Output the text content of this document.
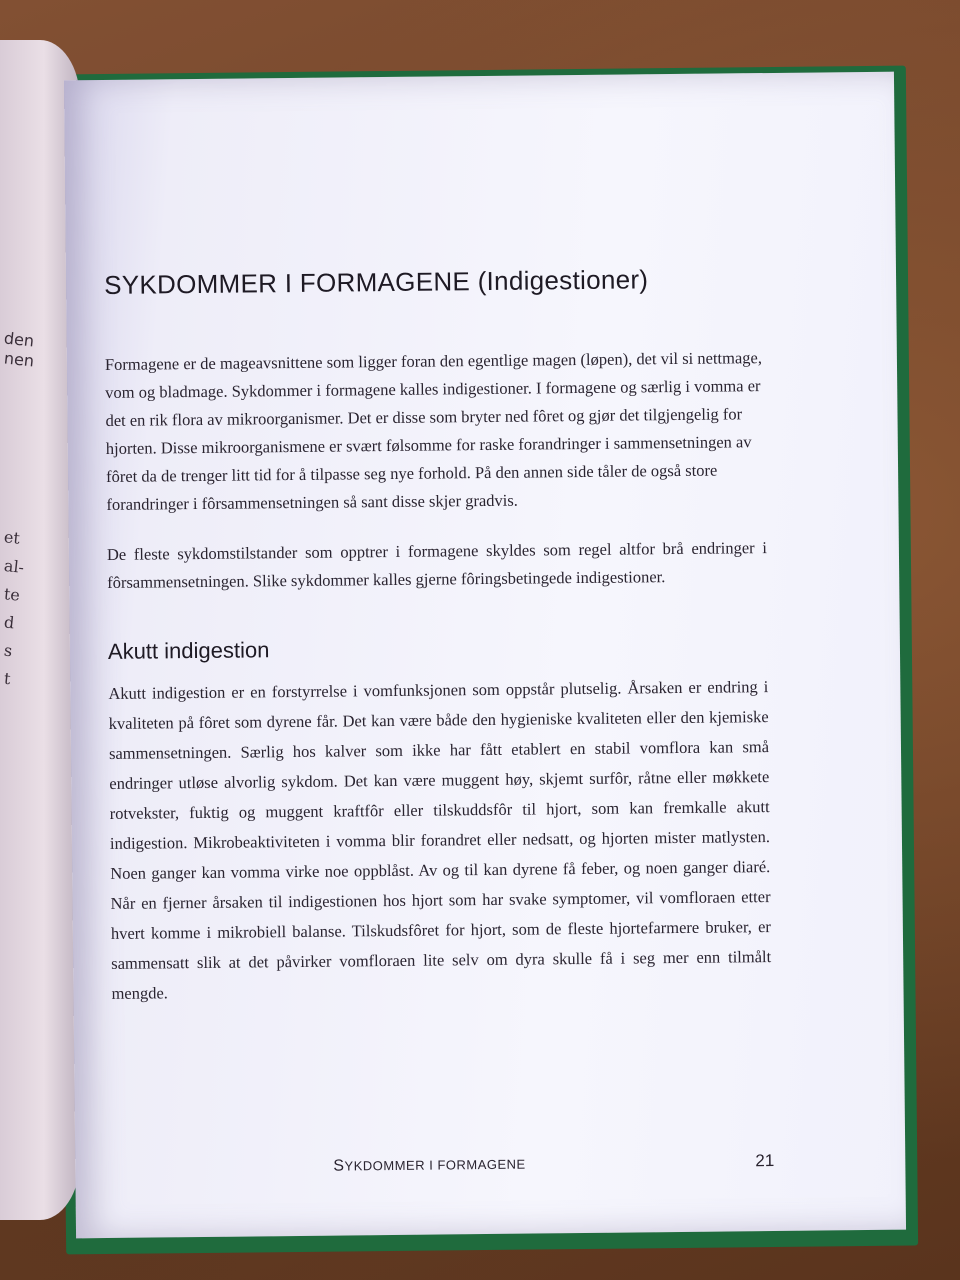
den
nen
et
al-
te
d
s
t
SYKDOMMER I FORMAGENE (Indigestioner)

Formagene er de mageavsnittene som ligger foran den egentlige magen (løpen), det vil si nettmage, vom og bladmage. Sykdommer i formagene kalles indigestioner. I formagene og særlig i vomma er det en rik flora av mikroorganismer. Det er disse som bryter ned fôret og gjør det tilgjengelig for hjorten. Disse mikroorganismene er svært følsomme for raske forandringer i sammensetningen av fôret da de trenger litt tid for å tilpasse seg nye forhold. På den annen side tåler de også store forandringer i fôrsammensetningen så sant disse skjer gradvis.

De fleste sykdomstilstander som opptrer i formagene skyldes som regel altfor brå endringer i fôrsammensetningen. Slike sykdommer kalles gjerne fôringsbetingede indigestioner.

Akutt indigestion

Akutt indigestion er en forstyrrelse i vomfunksjonen som oppstår plutselig. Årsaken er endring i kvaliteten på fôret som dyrene får. Det kan være både den hygieniske kvaliteten eller den kjemiske sammensetningen. Særlig hos kalver som ikke har fått etablert en stabil vomflora kan små endringer utløse alvorlig sykdom. Det kan være muggent høy, skjemt surfôr, råtne eller møkkete rotvekster, fuktig og muggent kraftfôr eller tilskuddsfôr til hjort, som kan fremkalle akutt indigestion. Mikrobeaktiviteten i vomma blir forandret eller nedsatt, og hjorten mister matlysten. Noen ganger kan vomma virke noe oppblåst. Av og til kan dyrene få feber, og noen ganger diaré. Når en fjerner årsaken til indigestionen hos hjort som har svake symptomer, vil vomfloraen etter hvert komme i mikrobiell balanse. Tilskudsfôret for hjort, som de fleste hjortefarmere bruker, er sammensatt slik at det påvirker vomfloraen lite selv om dyra skulle få i seg mer enn tilmålt mengde.

SYKDOMMER I FORMAGENE	21
